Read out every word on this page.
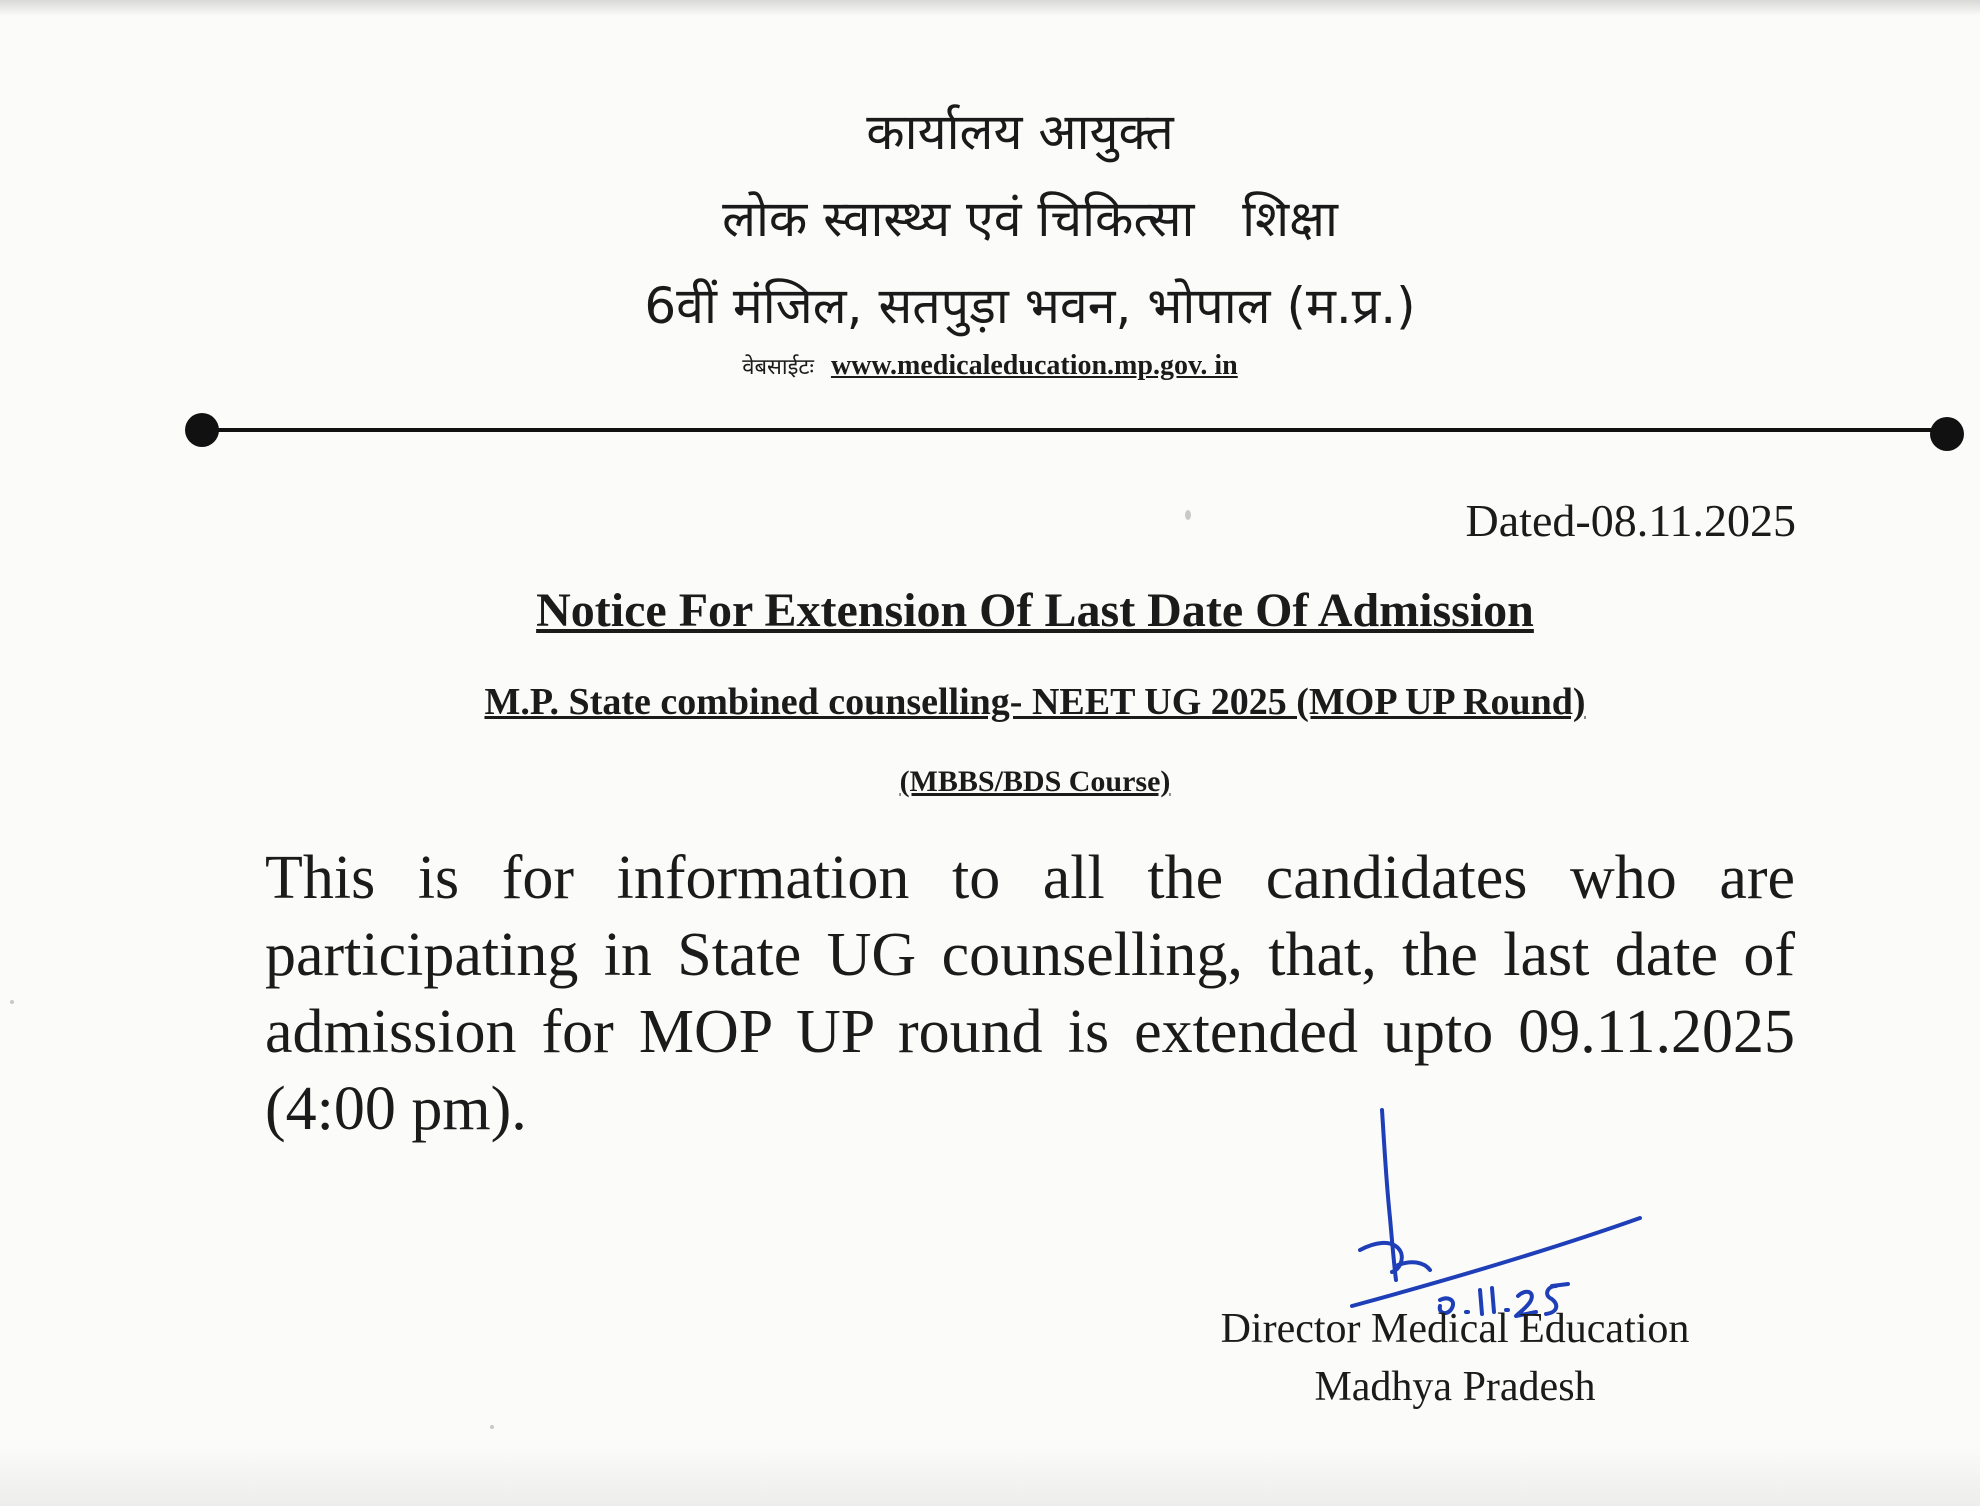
कार्यालय आयुक्त
लोक स्वास्थ्य एवं चिकित्सा   शिक्षा
6वीं मंजिल, सतपुड़ा भवन, भोपाल (म.प्र.)
वेबसाईटः www.medicaleducation.mp.gov. in
Dated-08.11.2025
Notice For Extension Of Last Date Of Admission
M.P. State combined counselling- NEET UG 2025 (MOP UP Round)
(MBBS/BDS Course)
This is for information to all the candidates who are participating in State UG counselling, that, the last date of admission for MOP UP round is extended upto 09.11.2025 (4:00 pm).
Director Medical Education
Madhya Pradesh
